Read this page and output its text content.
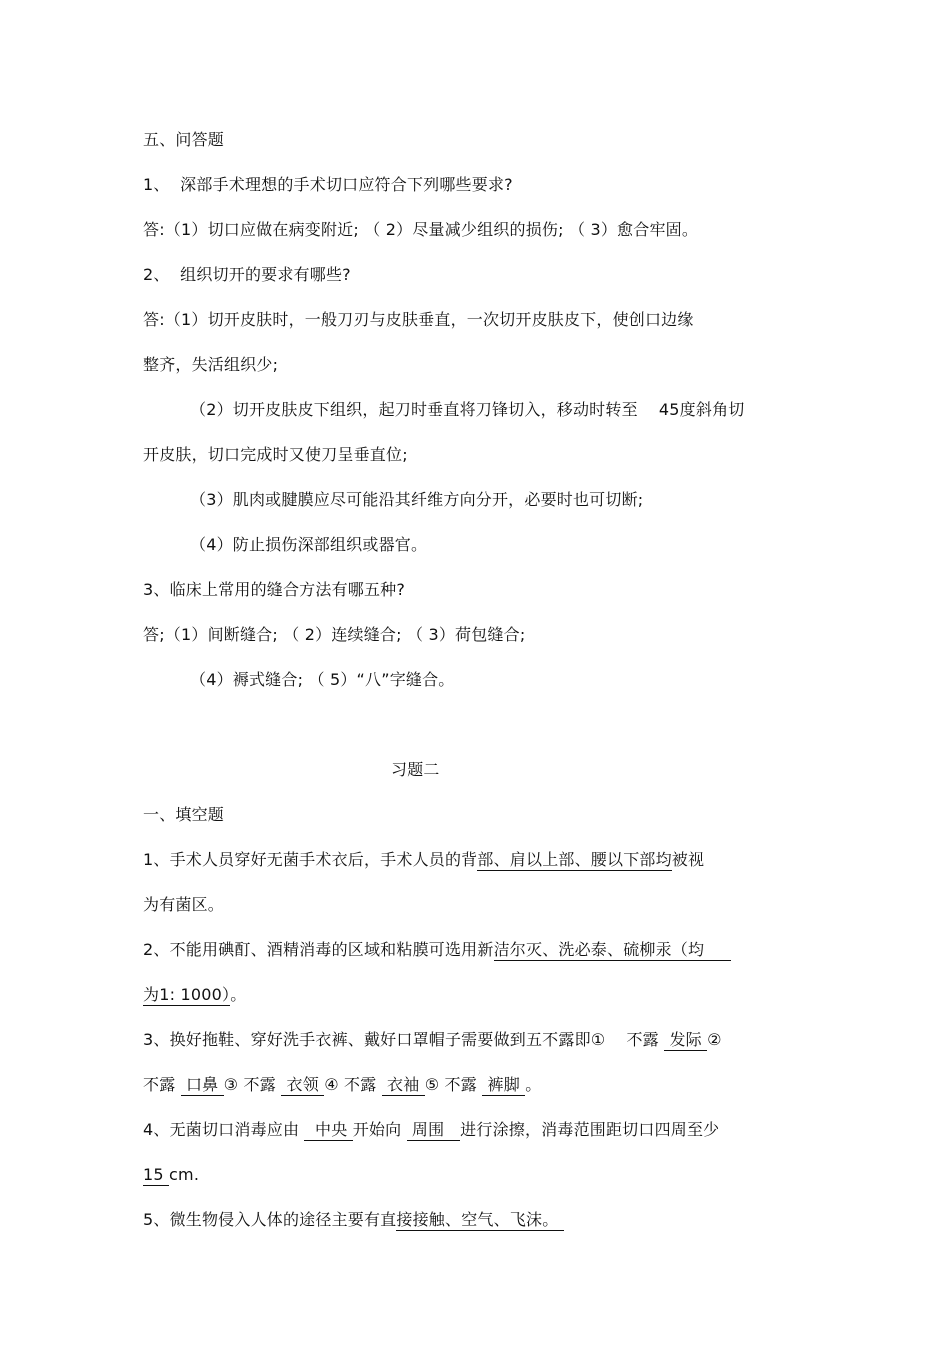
五、问答题
1、  深部手术理想的手术切口应符合下列哪些要求?
答:（1）切口应做在病变附近; （ 2）尽量减少组织的损伤; （ 3）愈合牢固。
2、  组织切开的要求有哪些?
答:（1）切开皮肤时，一般刀刃与皮肤垂直，一次切开皮肤皮下，使创口边缘
整齐，失活组织少;
（2）切开皮肤皮下组织，起刀时垂直将刀锋切入，移动时转至    45度斜角切
开皮肤，切口完成时又使刀呈垂直位;
（3）肌肉或腱膜应尽可能沿其纤维方向分开，必要时也可切断;
（4）防止损伤深部组织或器官。
3、临床上常用的缝合方法有哪五种?
答;（1）间断缝合; （ 2）连续缝合; （ 3）荷包缝合;
（4）褥式缝合; （ 5）“八”字缝合。
习题二
一、填空题
1、手术人员穿好无菌手术衣后，手术人员的背部、肩以上部、腰以下部均被视
为有菌区。
2、不能用碘酊、酒精消毒的区域和粘膜可选用新洁尔灭、洗必泰、硫柳汞（均
为1: 1000）。
3、换好拖鞋、穿好洗手衣裤、戴好口罩帽子需要做到五不露即①    不露  发际 ②
不露  口鼻 ③ 不露  衣领 ④ 不露  衣袖 ⑤ 不露  裤脚 。
4、无菌切口消毒应由   中央 开始向  周围   进行涂擦，消毒范围距切口四周至少
15 cm.
5、微生物侵入人体的途径主要有直接接触、空气、飞沫。
